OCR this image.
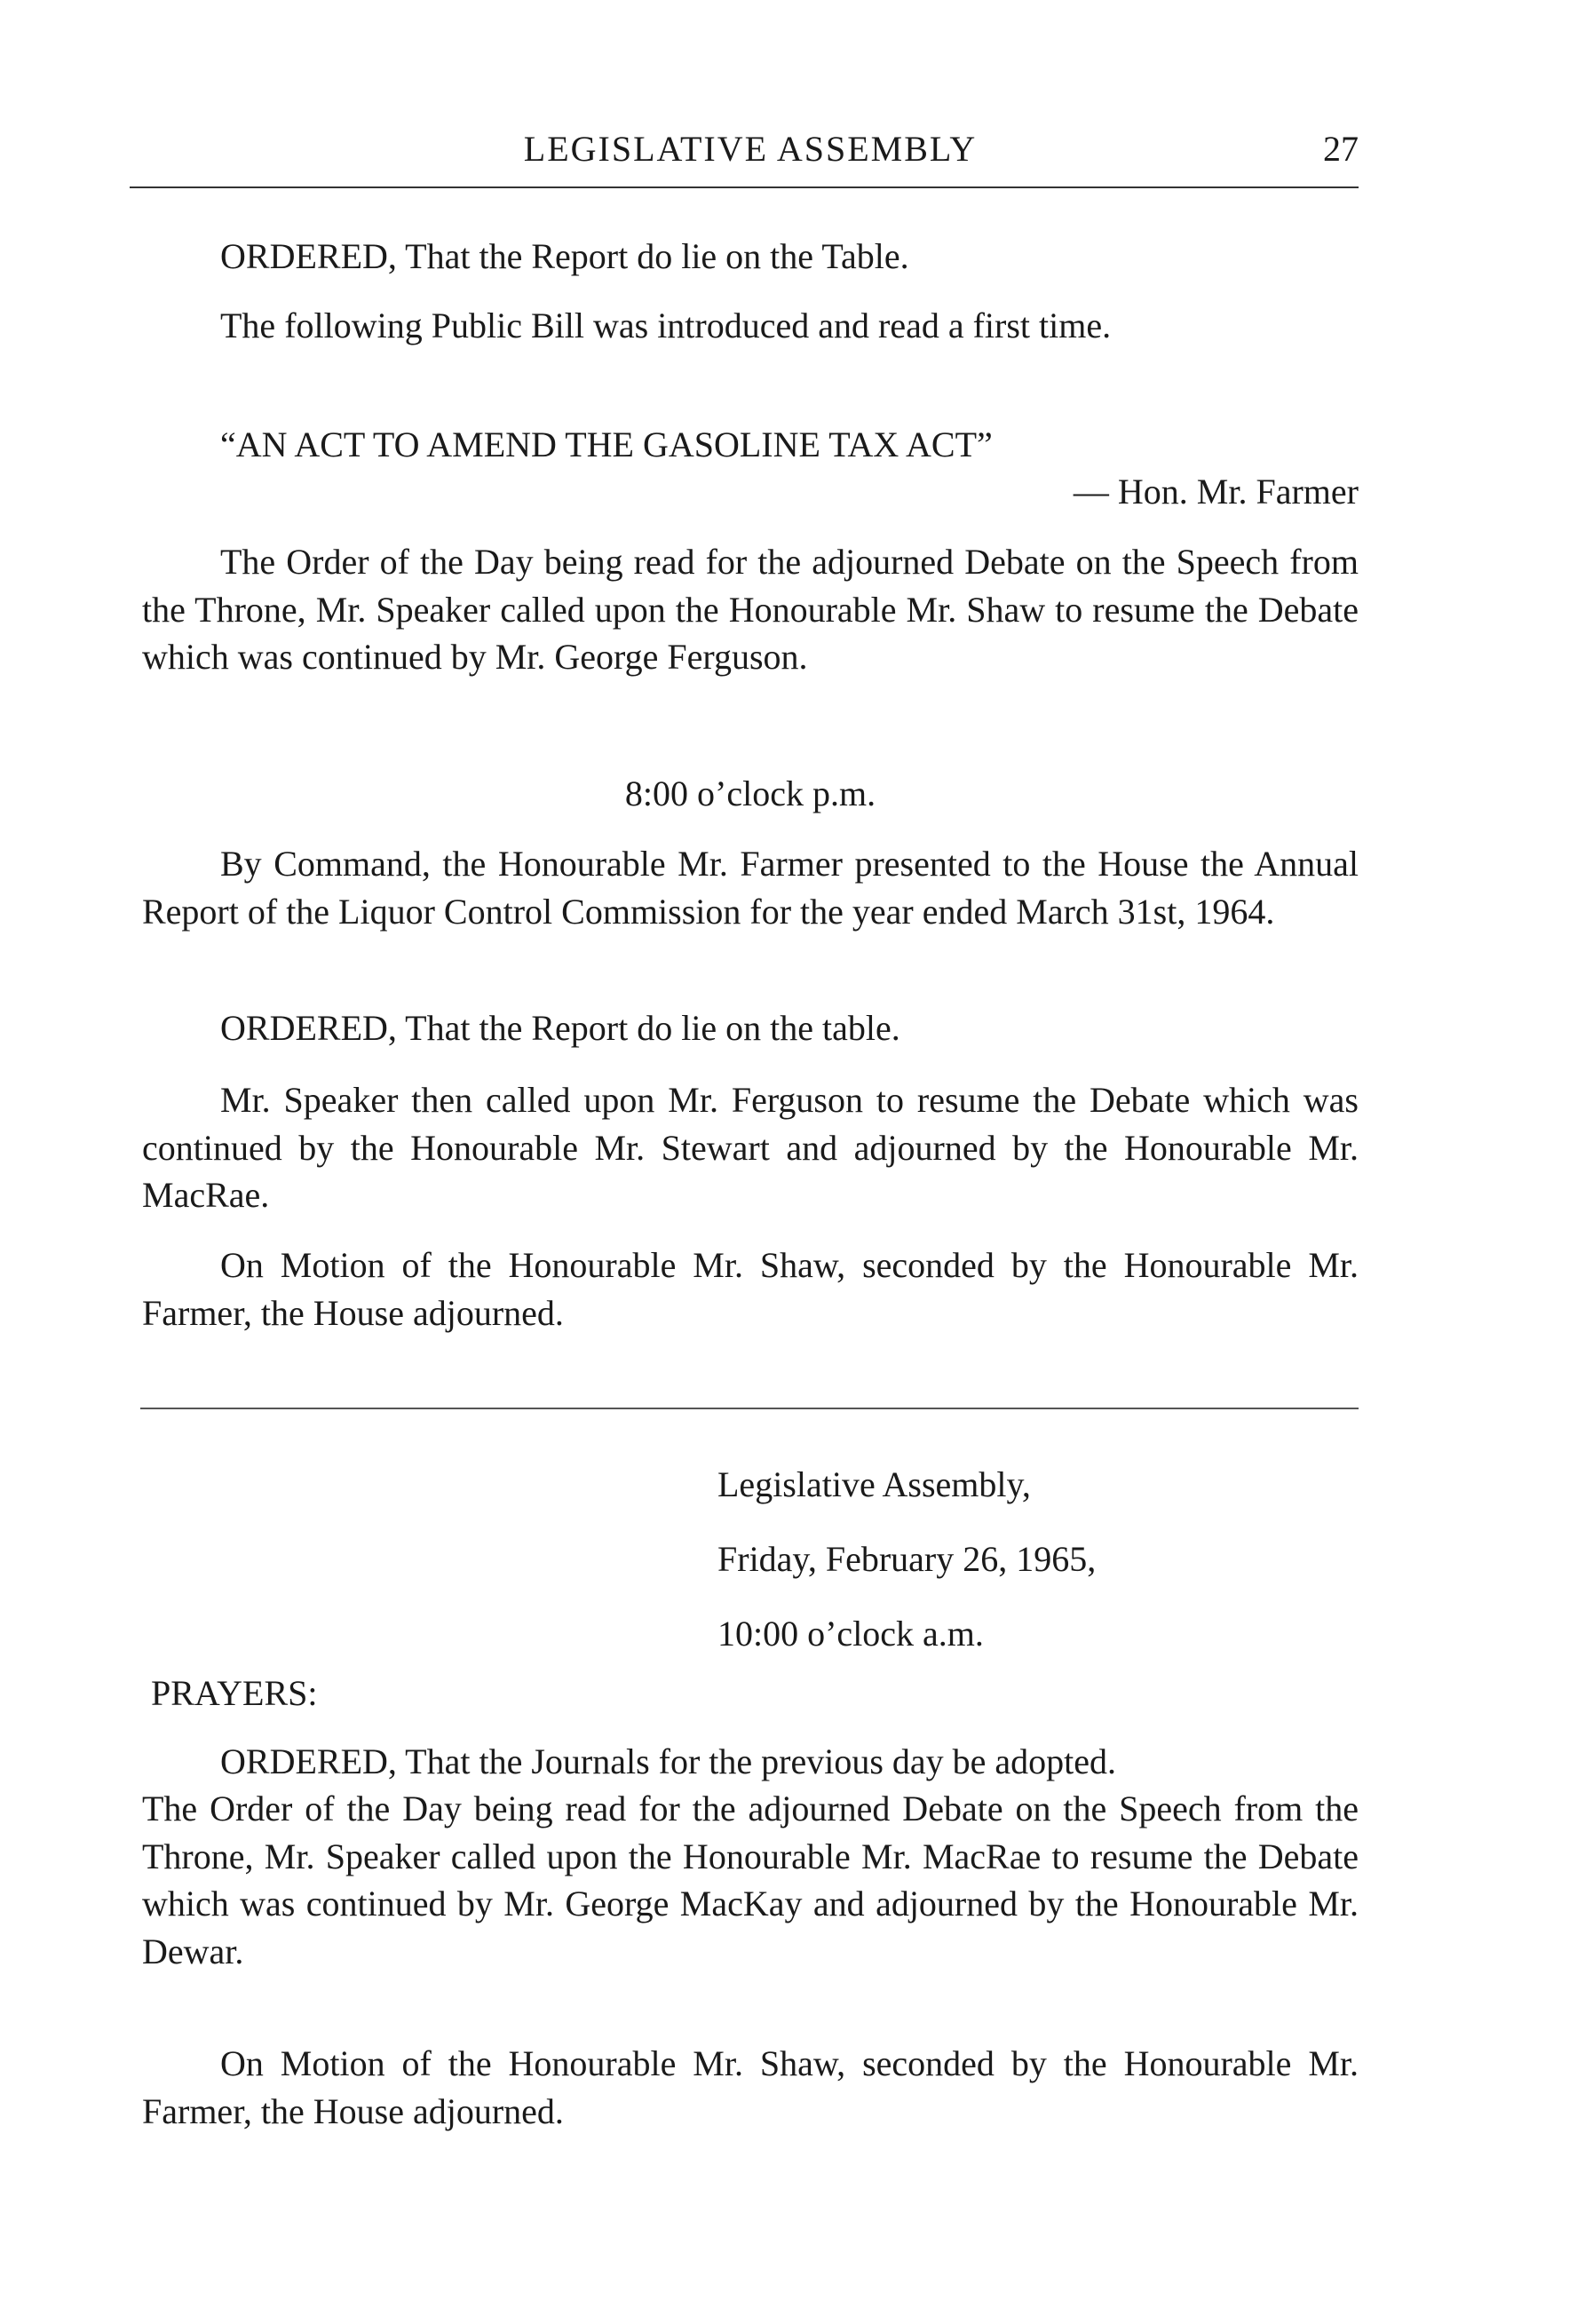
LEGISLATIVE ASSEMBLY	27

ORDERED, That the Report do lie on the Table.

The following Public Bill was introduced and read a first time.

“AN ACT TO AMEND THE GASOLINE TAX ACT”

— Hon. Mr. Farmer

The Order of the Day being read for the adjourned Debate on the Speech from the Throne, Mr. Speaker called upon the Honourable Mr. Shaw to resume the Debate which was continued by Mr. George Ferguson.

8:00 o’clock p.m.

By Command, the Honourable Mr. Farmer presented to the House the Annual Report of the Liquor Control Commission for the year ended March 31st, 1964.

ORDERED, That the Report do lie on the table.

Mr. Speaker then called upon Mr. Ferguson to resume the Debate which was continued by the Honourable Mr. Stewart and adjourned by the Honourable Mr. MacRae.

On Motion of the Honourable Mr. Shaw, seconded by the Honourable Mr. Farmer, the House adjourned.

Legislative Assembly,
Friday, February 26, 1965,
10:00 o’clock a.m.

PRAYERS:

ORDERED, That the Journals for the previous day be adopted.

The Order of the Day being read for the adjourned Debate on the Speech from the Throne, Mr. Speaker called upon the Honourable Mr. MacRae to resume the Debate which was continued by Mr. George MacKay and adjourned by the Honourable Mr. Dewar.

On Motion of the Honourable Mr. Shaw, seconded by the Honourable Mr. Farmer, the House adjourned.
